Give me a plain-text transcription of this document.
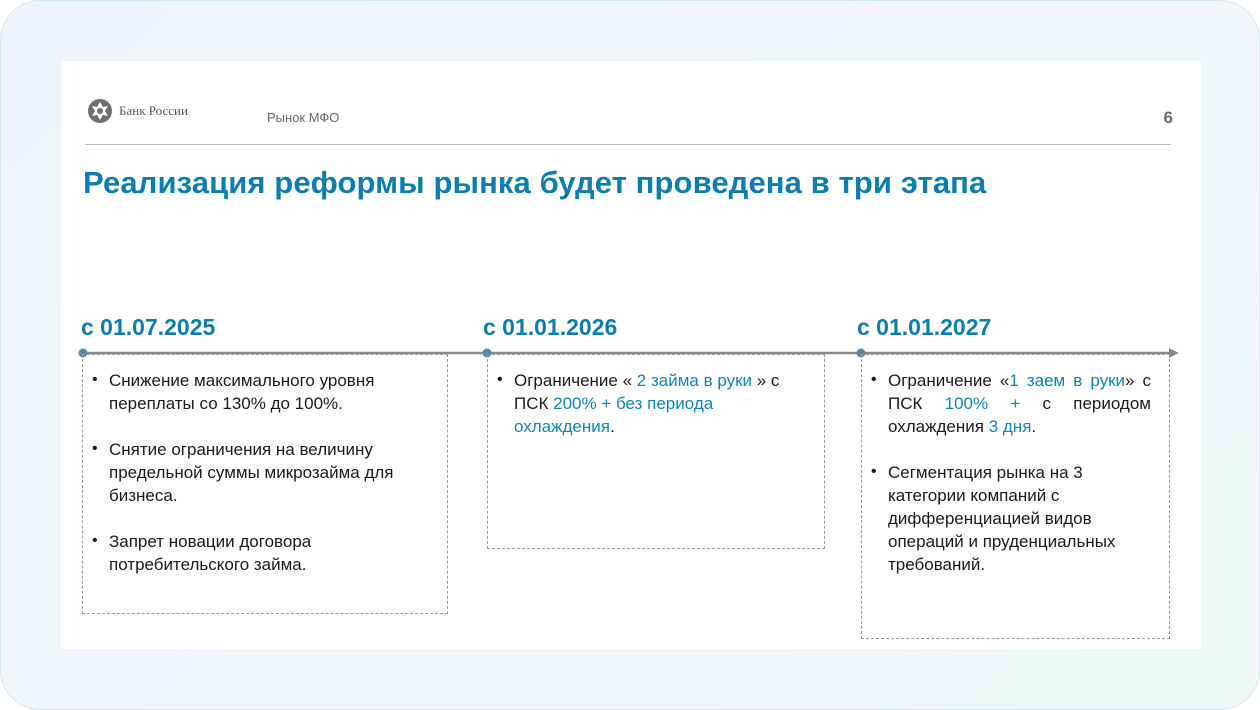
Банк России	Рынок МФО	6
Реализация реформы рынка будет проведена в три этапа
с 01.07.2025	с 01.01.2026	с 01.01.2027
• Снижение максимального уровня переплаты со 130% до 100%.
• Снятие ограничения на величину предельной суммы микрозайма для бизнеса.
• Запрет новации договора потребительского займа.
• Ограничение « 2 займа в руки » с ПСК 200% + без периода охлаждения.
• Ограничение «1 заем в руки» с ПСК 100% + с периодом охлаждения 3 дня.
• Сегментация рынка на 3 категории компаний с дифференциацией видов операций и пруденциальных требований.
